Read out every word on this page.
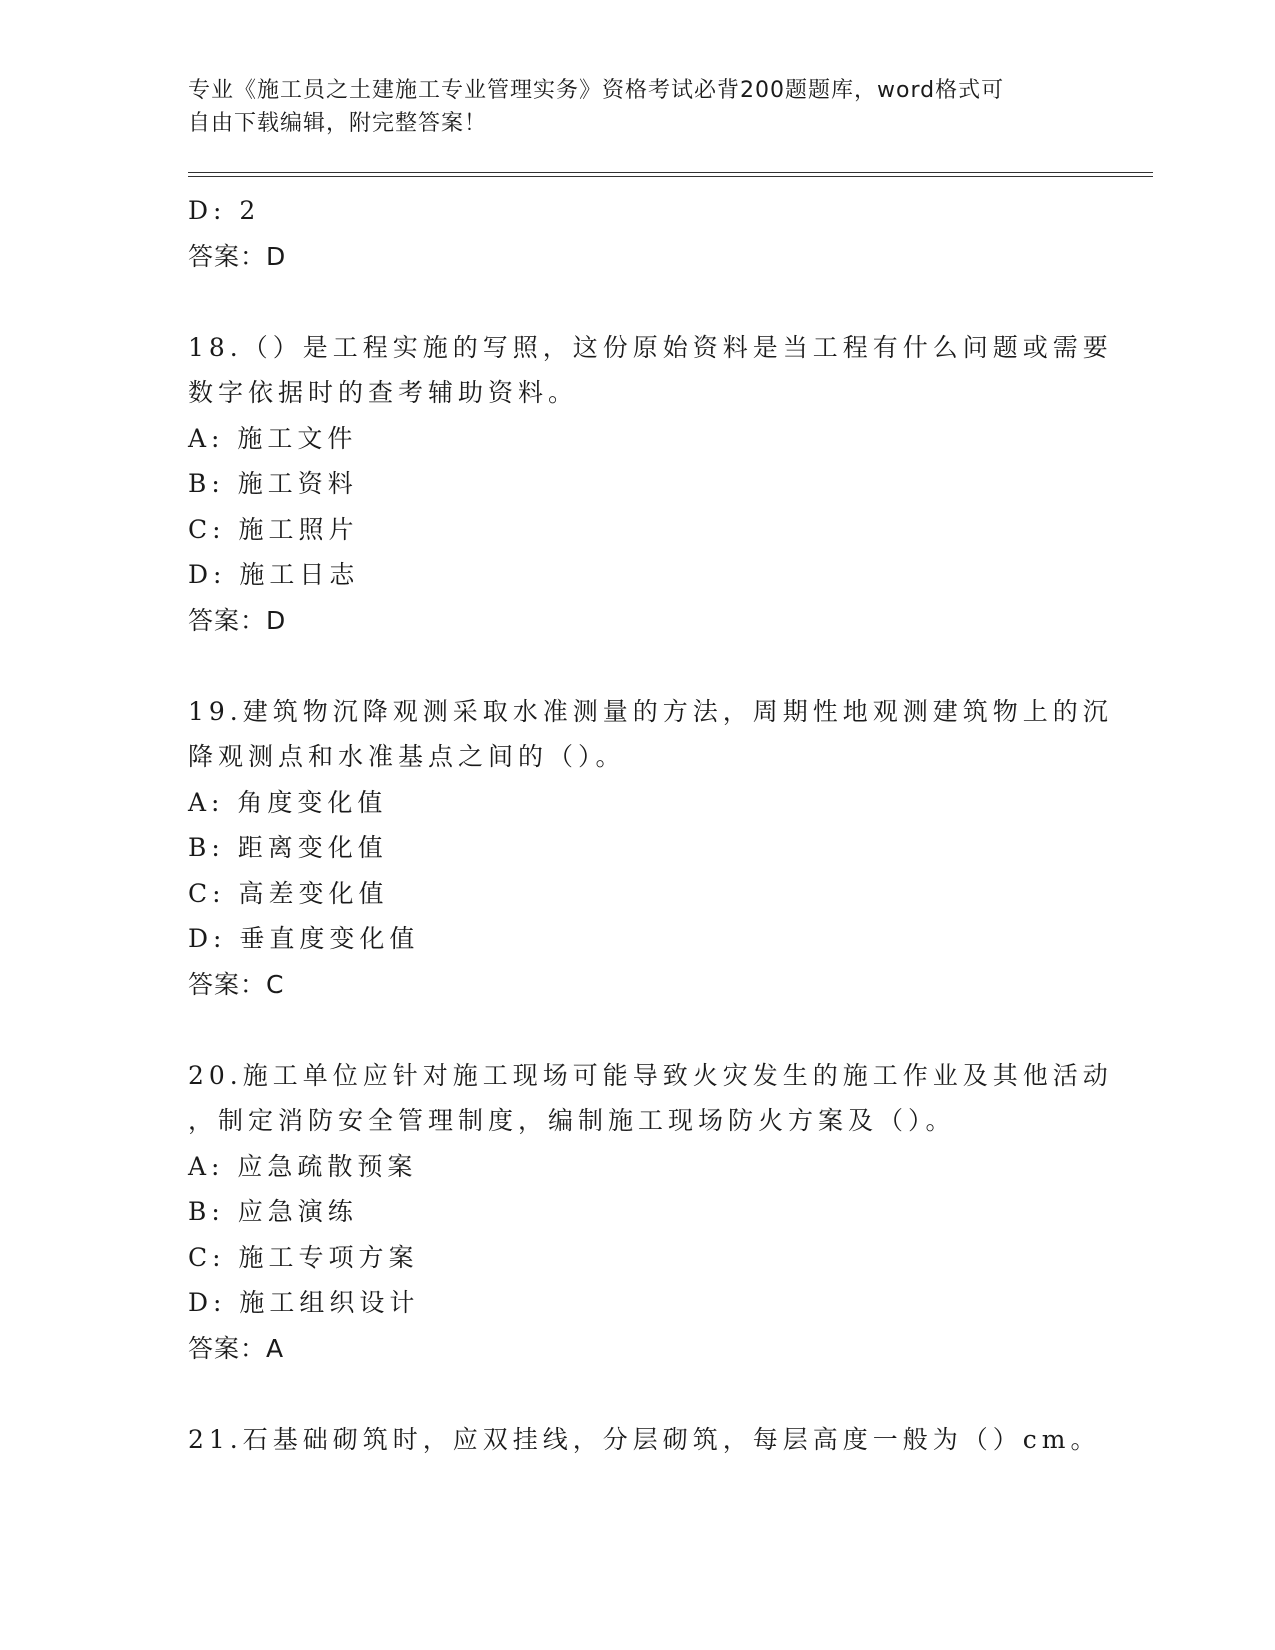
专业《施工员之土建施工专业管理实务》资格考试必背200题题库，word格式可
自由下载编辑，附完整答案！
D: 2
答案：D
18.（）是工程实施的写照，这份原始资料是当工程有什么问题或需要
数字依据时的查考辅助资料。
A: 施工文件
B: 施工资料
C: 施工照片
D: 施工日志
答案：D
19.建筑物沉降观测采取水准测量的方法，周期性地观测建筑物上的沉
降观测点和水准基点之间的（）。
A: 角度变化值
B: 距离变化值
C: 高差变化值
D: 垂直度变化值
答案：C
20.施工单位应针对施工现场可能导致火灾发生的施工作业及其他活动
，制定消防安全管理制度，编制施工现场防火方案及（）。
A: 应急疏散预案
B: 应急演练
C: 施工专项方案
D: 施工组织设计
答案：A
21.石基础砌筑时，应双挂线，分层砌筑，每层高度一般为（）cm。
